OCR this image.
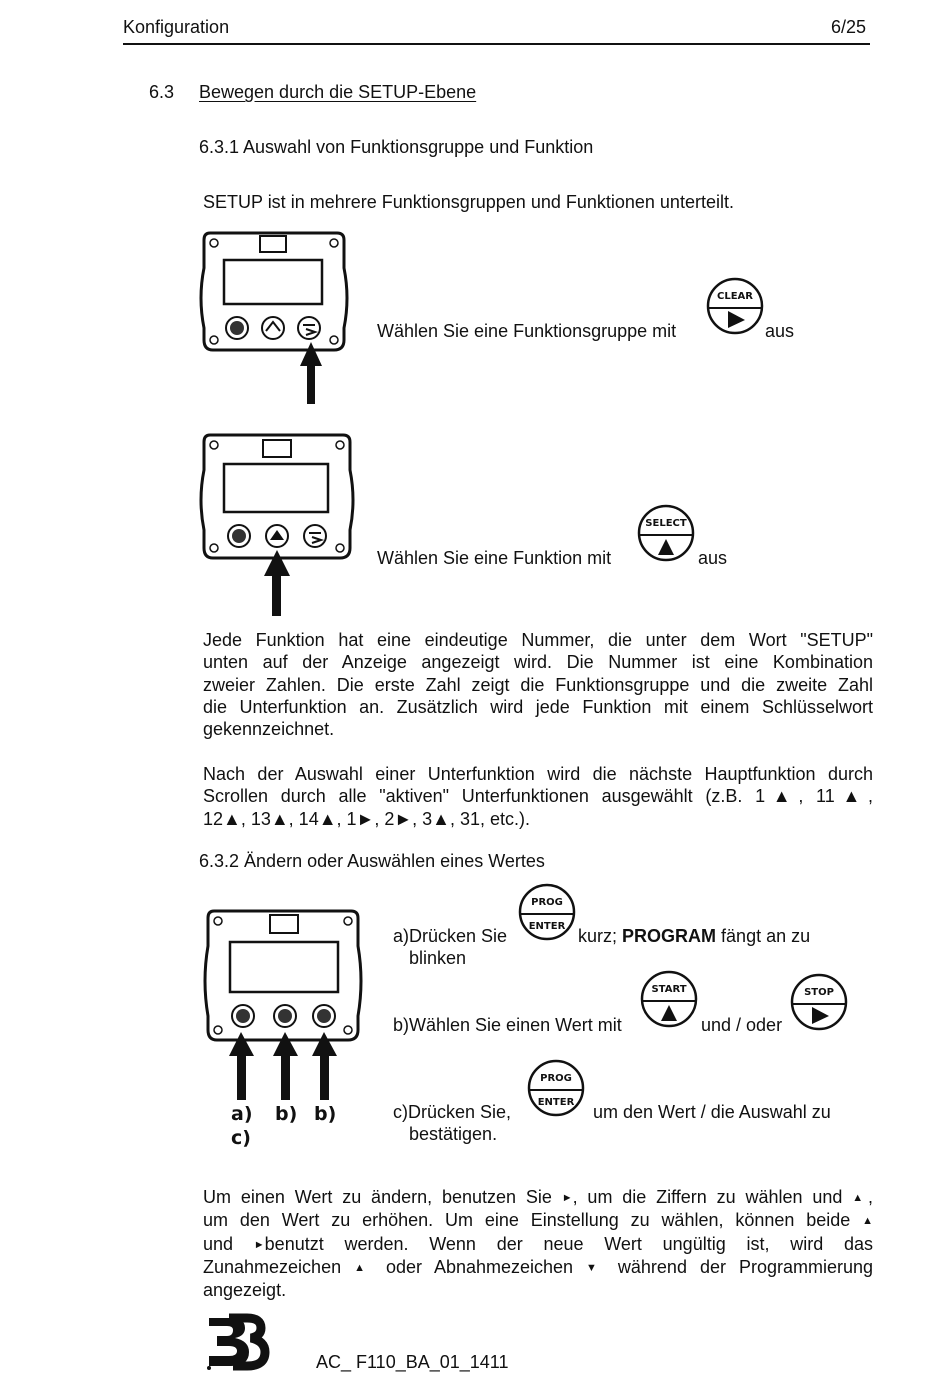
Konfiguration	6/25
6.3 Bewegen durch die SETUP-Ebene
6.3.1 Auswahl von Funktionsgruppe und Funktion
SETUP ist in mehrere Funktionsgruppen und Funktionen unterteilt.
Wählen Sie eine Funktionsgruppe mit
CLEAR
aus
Wählen Sie eine Funktion mit
SELECT
aus
Jede Funktion hat eine eindeutige Nummer, die unter dem Wort "SETUP"
unten auf der Anzeige angezeigt wird. Die Nummer ist eine Kombination
zweier Zahlen. Die erste Zahl zeigt die Funktionsgruppe und die zweite Zahl
die Unterfunktion an. Zusätzlich wird jede Funktion mit einem Schlüsselwort
gekennzeichnet.
Nach der Auswahl einer Unterfunktion wird die nächste Hauptfunktion durch
Scrollen durch alle "aktiven" Unterfunktionen ausgewählt (z.B. 1▲, 11▲,
12▲, 13▲, 14▲, 1►, 2►, 3▲, 31, etc.).
6.3.2 Ändern oder Auswählen eines Wertes
a) b) b)
c)
a)Drücken Sie
PROG
ENTER kurz; PROGRAM fängt an zu
blinken
b)Wählen Sie einen Wert mit
START
und / oder
STOP
c)Drücken Sie,
PROG
ENTER um den Wert / die Auswahl zu
bestätigen.
Um einen Wert zu ändern, benutzen Sie ►, um die Ziffern zu wählen und ▲,
um den Wert zu erhöhen. Um eine Einstellung zu wählen, können beide ▲
und ►benutzt werden. Wenn der neue Wert ungültig ist, wird das
Zunahmezeichen ▲ oder Abnahmezeichen ▼ während der Programmierung
angezeigt.
AC_ F110_BA_01_1411
